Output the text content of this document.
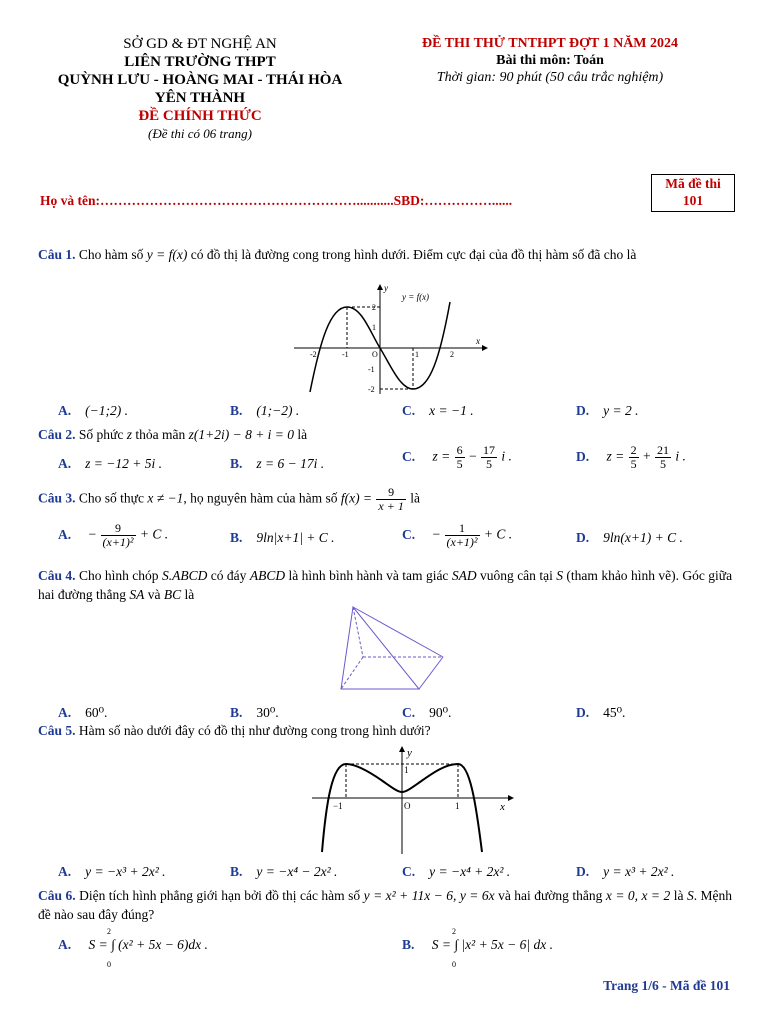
SỞ GD & ĐT NGHỆ AN
LIÊN TRƯỜNG THPT
QUỲNH LƯU - HOÀNG MAI - THÁI HÒA
YÊN THÀNH
ĐỀ CHÍNH THỨC
(Đề thi có 06 trang)
ĐỀ THI THỬ TNTHPT ĐỢT 1 NĂM 2024
Bài thi môn: Toán
Thời gian: 90 phút (50 câu trắc nghiệm)
Họ và tên:…………………………………………………...........SBD:……………......
Mã đề thi
101
Câu 1. Cho hàm số y = f(x) có đồ thị là đường cong trong hình dưới. Điểm cực đại của đồ thị hàm số đã cho là
y = f(x)
y
x
-2	-1	O	1	2
2
1
-1
-2
A. (−1;2) .	B. (1;−2) .	C. x = −1 .	D. y = 2 .
Câu 2. Số phức z thỏa mãn z(1+2i) − 8 + i = 0 là
A. z = −12 + 5i .	B. z = 6 − 17i .	C. $z = \frac{6}{5} - \frac{17}{5}$ i .	D. $z = \frac{2}{5} + \frac{21}{5}$ i .
Câu 3. Cho số thực x ≠ −1, họ nguyên hàm của hàm số $f(x) = \frac{9}{x + 1}$ là
A. − $\frac{9}{\text{(x+1)²}} + C$ .	B. 9ln|x+1| + C .	C. − $\frac{1}{\text{(x+1)²}} + C$ .	D. 9ln(x+1) + C .
Câu 4. Cho hình chóp S.ABCD có đáy ABCD là hình bình hành và tam giác SAD vuông cân tại S (tham khảo hình vẽ). Góc giữa hai đường thẳng SA và BC là
A. 60⁰.	B. 30⁰.	C. 90⁰.	D. 45⁰.
Câu 5. Hàm số nào dưới đây có đồ thị như đường cong trong hình dưới?
y
x
−1	O	1
1
A. y = −x³ + 2x² .	B. y = −x⁴ − 2x² .	C. y = −x⁴ + 2x² .	D. y = x³ + 2x² .
Câu 6. Diện tích hình phẳng giới hạn bởi đồ thị các hàm số y = x² + 11x − 6, y = 6x và hai đường thẳng x = 0, x = 2 là S. Mệnh đề nào sau đây đúng?
A. S = ∫ (x² + 5x − 6)dx .
2
0
B. S = ∫ |x² + 5x − 6| dx .
2
0
Trang 1/6 - Mã đề 101
